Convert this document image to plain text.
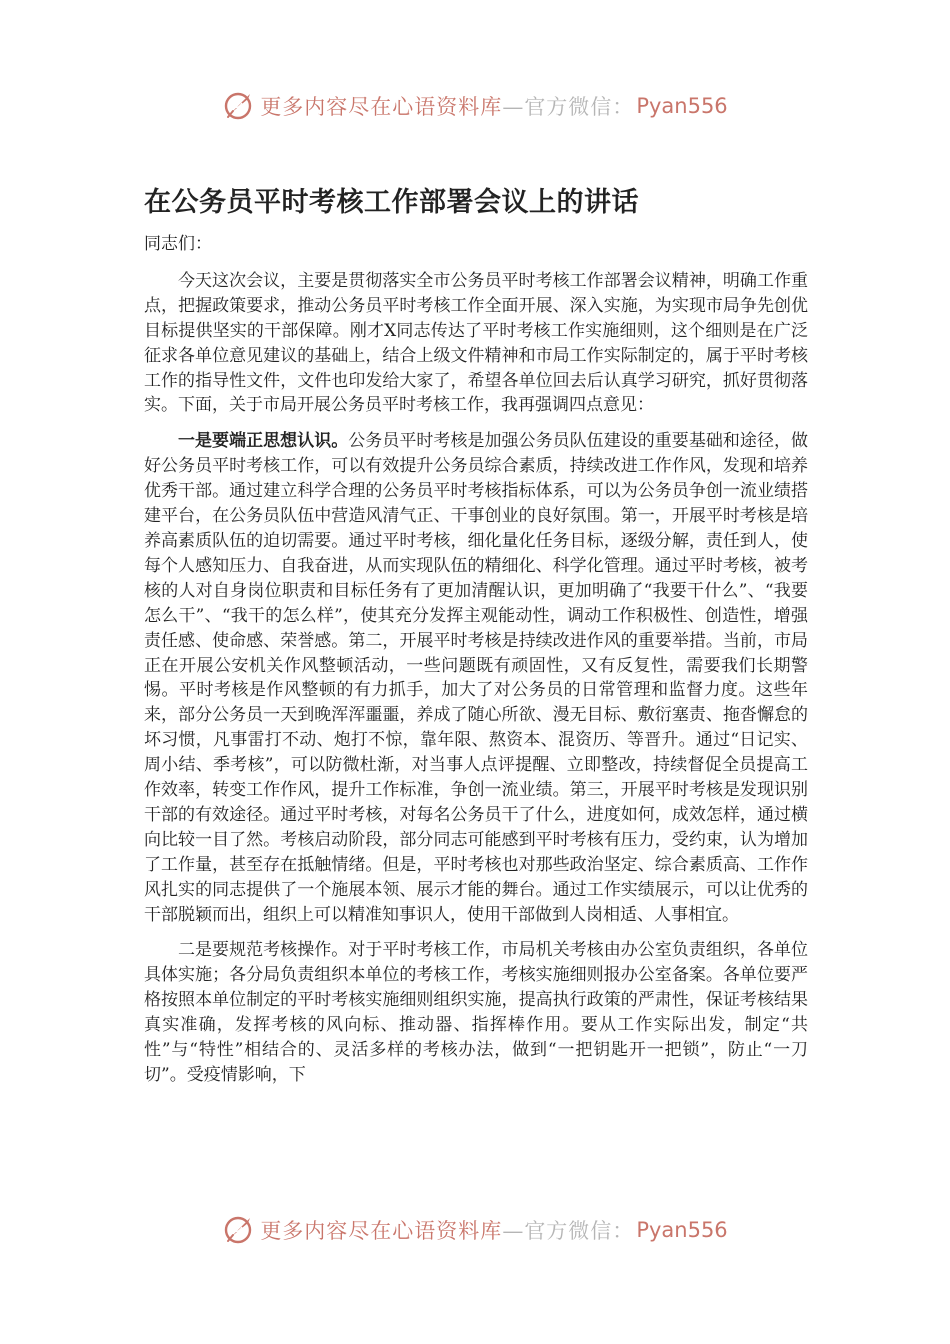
更多内容尽在心语资料库 —官方微信： Pyan556
在公务员平时考核工作部署会议上的讲话

同志们：

今天这次会议，主要是贯彻落实全市公务员平时考核工作部署会议精神，明确工作重点，把握政策要求，推动公务员平时考核工作全面开展、深入实施，为实现市局争先创优目标提供坚实的干部保障。刚才X同志传达了平时考核工作实施细则，这个细则是在广泛征求各单位意见建议的基础上，结合上级文件精神和市局工作实际制定的，属于平时考核工作的指导性文件，文件也印发给大家了，希望各单位回去后认真学习研究，抓好贯彻落实。下面，关于市局开展公务员平时考核工作，我再强调四点意见：

一是要端正思想认识。公务员平时考核是加强公务员队伍建设的重要基础和途径，做好公务员平时考核工作，可以有效提升公务员综合素质，持续改进工作作风，发现和培养优秀干部。通过建立科学合理的公务员平时考核指标体系，可以为公务员争创一流业绩搭建平台，在公务员队伍中营造风清气正、干事创业的良好氛围。第一，开展平时考核是培养高素质队伍的迫切需要。通过平时考核，细化量化任务目标，逐级分解，责任到人，使每个人感知压力、自我奋进，从而实现队伍的精细化、科学化管理。通过平时考核，被考核的人对自身岗位职责和目标任务有了更加清醒认识，更加明确了“我要干什么”、“我要怎么干”、“我干的怎么样”，使其充分发挥主观能动性，调动工作积极性、创造性，增强责任感、使命感、荣誉感。第二，开展平时考核是持续改进作风的重要举措。当前，市局正在开展公安机关作风整顿活动，一些问题既有顽固性，又有反复性，需要我们长期警惕。平时考核是作风整顿的有力抓手，加大了对公务员的日常管理和监督力度。这些年来，部分公务员一天到晚浑浑噩噩，养成了随心所欲、漫无目标、敷衍塞责、拖沓懈怠的坏习惯，凡事雷打不动、炮打不惊，靠年限、熬资本、混资历、等晋升。通过“日记实、周小结、季考核”，可以防微杜渐，对当事人点评提醒、立即整改，持续督促全员提高工作效率，转变工作作风，提升工作标准，争创一流业绩。第三，开展平时考核是发现识别干部的有效途径。通过平时考核，对每名公务员干了什么，进度如何，成效怎样，通过横向比较一目了然。考核启动阶段，部分同志可能感到平时考核有压力，受约束，认为增加了工作量，甚至存在抵触情绪。但是，平时考核也对那些政治坚定、综合素质高、工作作风扎实的同志提供了一个施展本领、展示才能的舞台。通过工作实绩展示，可以让优秀的干部脱颖而出，组织上可以精准知事识人，使用干部做到人岗相适、人事相宜。

二是要规范考核操作。对于平时考核工作，市局机关考核由办公室负责组织，各单位具体实施；各分局负责组织本单位的考核工作，考核实施细则报办公室备案。各单位要严格按照本单位制定的平时考核实施细则组织实施，提高执行政策的严肃性，保证考核结果真实准确，发挥考核的风向标、推动器、指挥棒作用。要从工作实际出发，制定“共性”与“特性”相结合的、灵活多样的考核办法，做到“一把钥匙开一把锁”，防止“一刀切”。受疫情影响，下

更多内容尽在心语资料库 —官方微信： Pyan556
